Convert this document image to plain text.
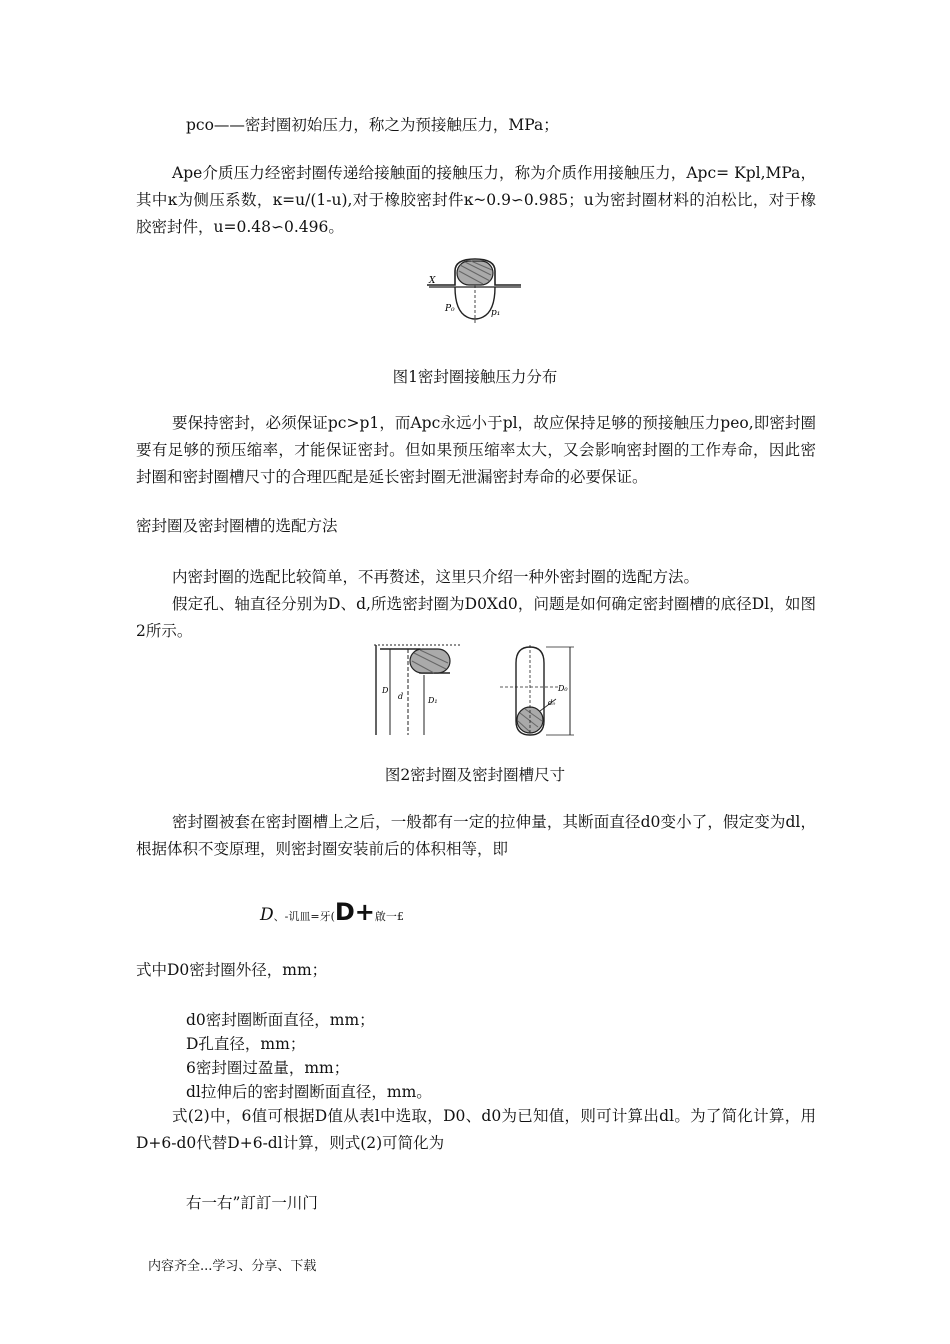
pco——密封圈初始压力，称之为预接触压力，MPa；
Ape介质压力经密封圈传递给接触面的接触压力，称为介质作用接触压力，Apc= Kpl,MPa， 其中ĸ为侧压系数，ĸ=u/(1-u),对于橡胶密封件ĸ~0.9∽0.985；u为密封圈材料的泊松比，对于橡胶密封件，u=0.48∽0.496。
X
P₀	p₁
图1密封圈接触压力分布
要保持密封，必须保证pc>p1，而Apc永远小于pl，故应保持足够的预接触压力peo,即密封圈要有足够的预压缩率，才能保证密封。但如果预压缩率太大，又会影响密封圈的工作寿命，因此密封圈和密封圈槽尺寸的合理匹配是延长密封圈无泄漏密封寿命的必要保证。
密封圈及密封圈槽的选配方法
内密封圈的选配比较简单，不再赘述，这里只介绍一种外密封圈的选配方法。
假定孔、轴直径分别为D、d,所选密封圈为D0Xd0，问题是如何确定密封圈槽的底径Dl，如图2所示。
D
d	D₁
D₀
d₀
图2密封圈及密封圈槽尺寸
密封圈被套在密封圈槽上之后，一般都有一定的拉伸量，其断面直径d0变小了，假定变为dl，根据体积不变原理，则密封圈安装前后的体积相等，即
D、-讥皿=牙(D+啟一£
式中D0密封圈外径，mm；
d0密封圈断面直径，mm；
D孔直径，mm；
6密封圈过盈量，mm；
dl拉伸后的密封圈断面直径，mm。
式(2)中，6值可根据D值从表l中选取，D0、d0为已知值，则可计算出dl。为了简化计算，用D+6-d0代替D+6-dl计算，则式(2)可简化为
右一右”訂訂一川门
内容齐全...学习、分享、下载
